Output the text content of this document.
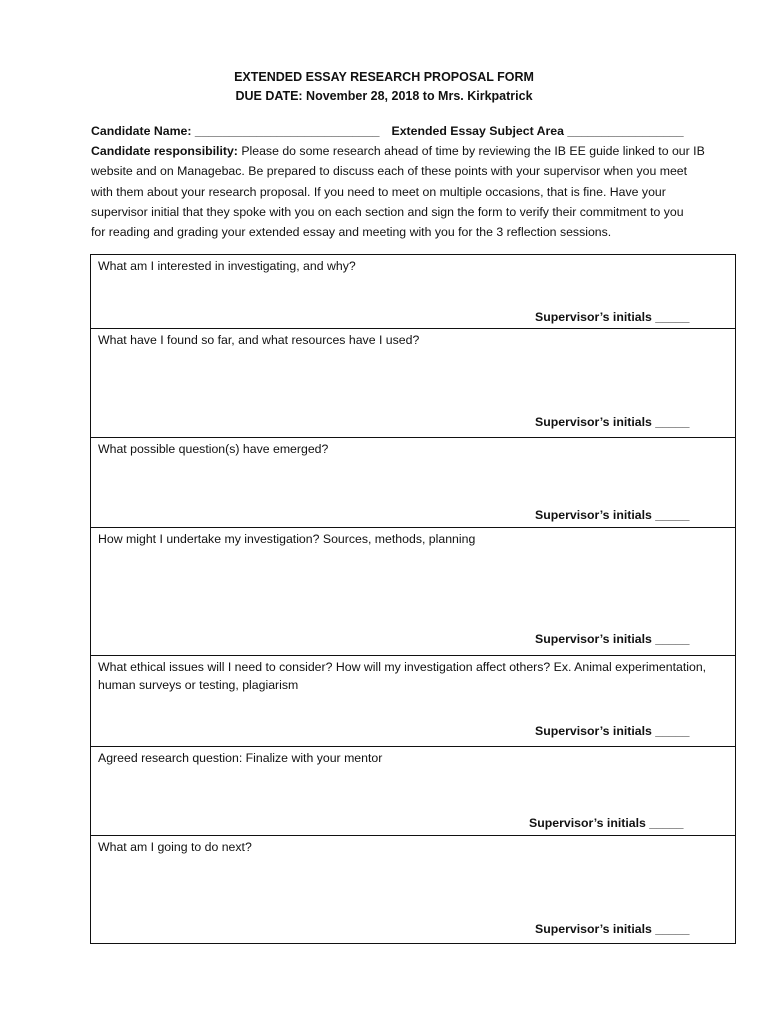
EXTENDED ESSAY RESEARCH PROPOSAL FORM
DUE DATE: November 28, 2018 to Mrs. Kirkpatrick
Candidate Name: ___________________________ Extended Essay Subject Area _________________
Candidate responsibility: Please do some research ahead of time by reviewing the IB EE guide linked to our IB
website and on Managebac. Be prepared to discuss each of these points with your supervisor when you meet
with them about your research proposal. If you need to meet on multiple occasions, that is fine. Have your
supervisor initial that they spoke with you on each section and sign the form to verify their commitment to you
for reading and grading your extended essay and meeting with you for the 3 reflection sessions.
What am I interested in investigating, and why?
Supervisor’s initials _____
What have I found so far, and what resources have I used?
Supervisor’s initials _____
What possible question(s) have emerged?
Supervisor’s initials _____
How might I undertake my investigation? Sources, methods, planning
Supervisor’s initials _____
What ethical issues will I need to consider? How will my investigation affect others? Ex. Animal experimentation, human surveys or testing, plagiarism
Supervisor’s initials _____
Agreed research question: Finalize with your mentor
Supervisor’s initials _____
What am I going to do next?
Supervisor’s initials _____
